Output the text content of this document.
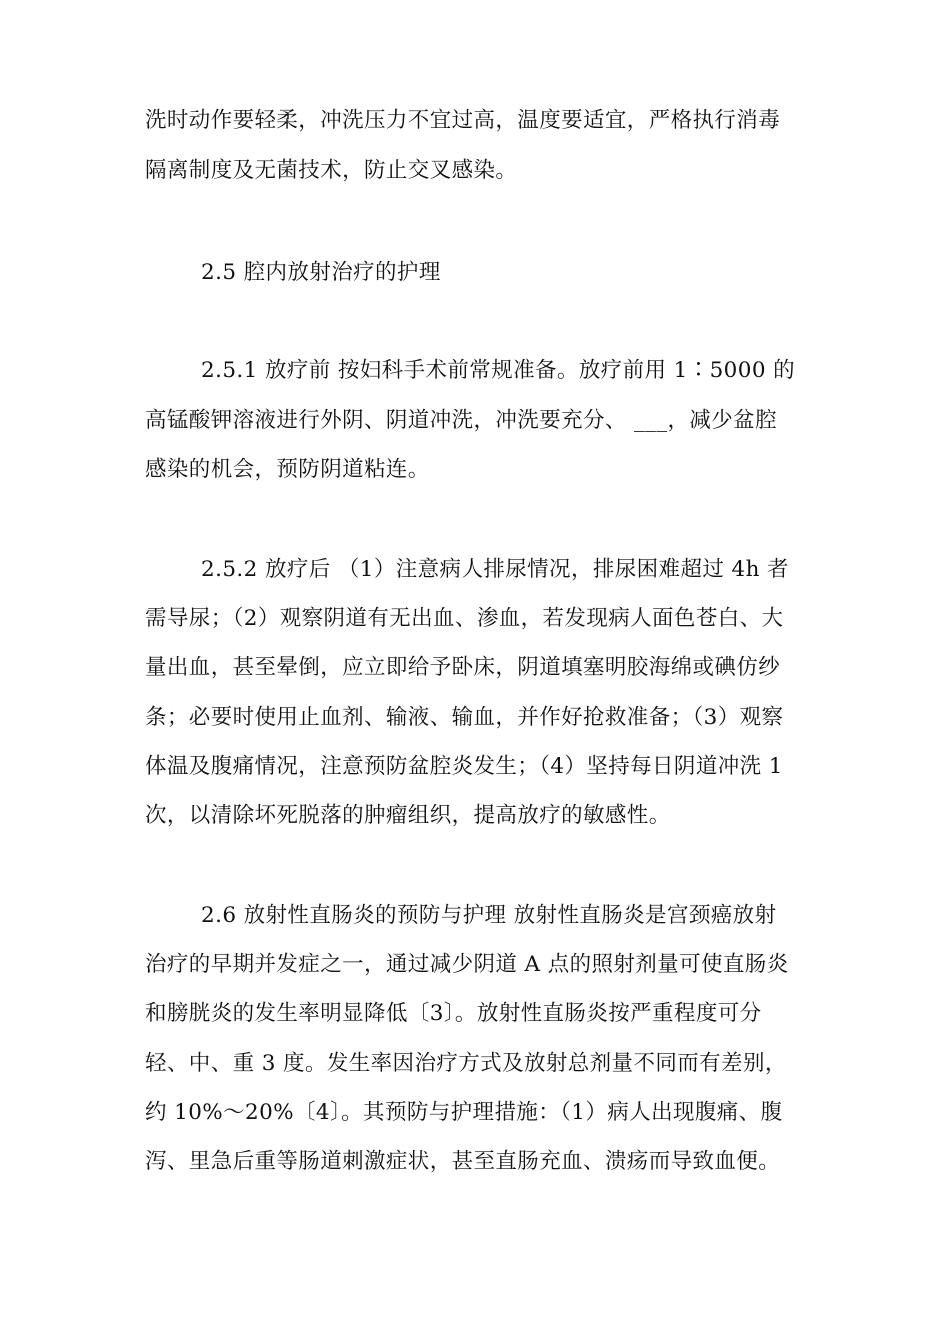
洗时动作要轻柔，冲洗压力不宜过高，温度要适宜，严格执行消毒
隔离制度及无菌技术，防止交叉感染。
2.5 腔内放射治疗的护理
2.5.1 放疗前 按妇科手术前常规准备。放疗前用 1∶5000 的
高锰酸钾溶液进行外阴、阴道冲洗，冲洗要充分、 ___，减少盆腔
感染的机会，预防阴道粘连。
2.5.2 放疗后 （1）注意病人排尿情况，排尿困难超过 4h 者
需导尿；（2）观察阴道有无出血、渗血，若发现病人面色苍白、大
量出血，甚至晕倒，应立即给予卧床，阴道填塞明胶海绵或碘仿纱
条；必要时使用止血剂、输液、输血，并作好抢救准备；（3）观察
体温及腹痛情况，注意预防盆腔炎发生；（4）坚持每日阴道冲洗 1
次，以清除坏死脱落的肿瘤组织，提高放疗的敏感性。
2.6 放射性直肠炎的预防与护理 放射性直肠炎是宫颈癌放射
治疗的早期并发症之一，通过减少阴道 A 点的照射剂量可使直肠炎
和膀胱炎的发生率明显降低〔3〕。放射性直肠炎按严重程度可分
轻、中、重 3 度。发生率因治疗方式及放射总剂量不同而有差别，
约 10%～20%〔4〕。其预防与护理措施：（1）病人出现腹痛、腹
泻、里急后重等肠道刺激症状，甚至直肠充血、溃疡而导致血便。
